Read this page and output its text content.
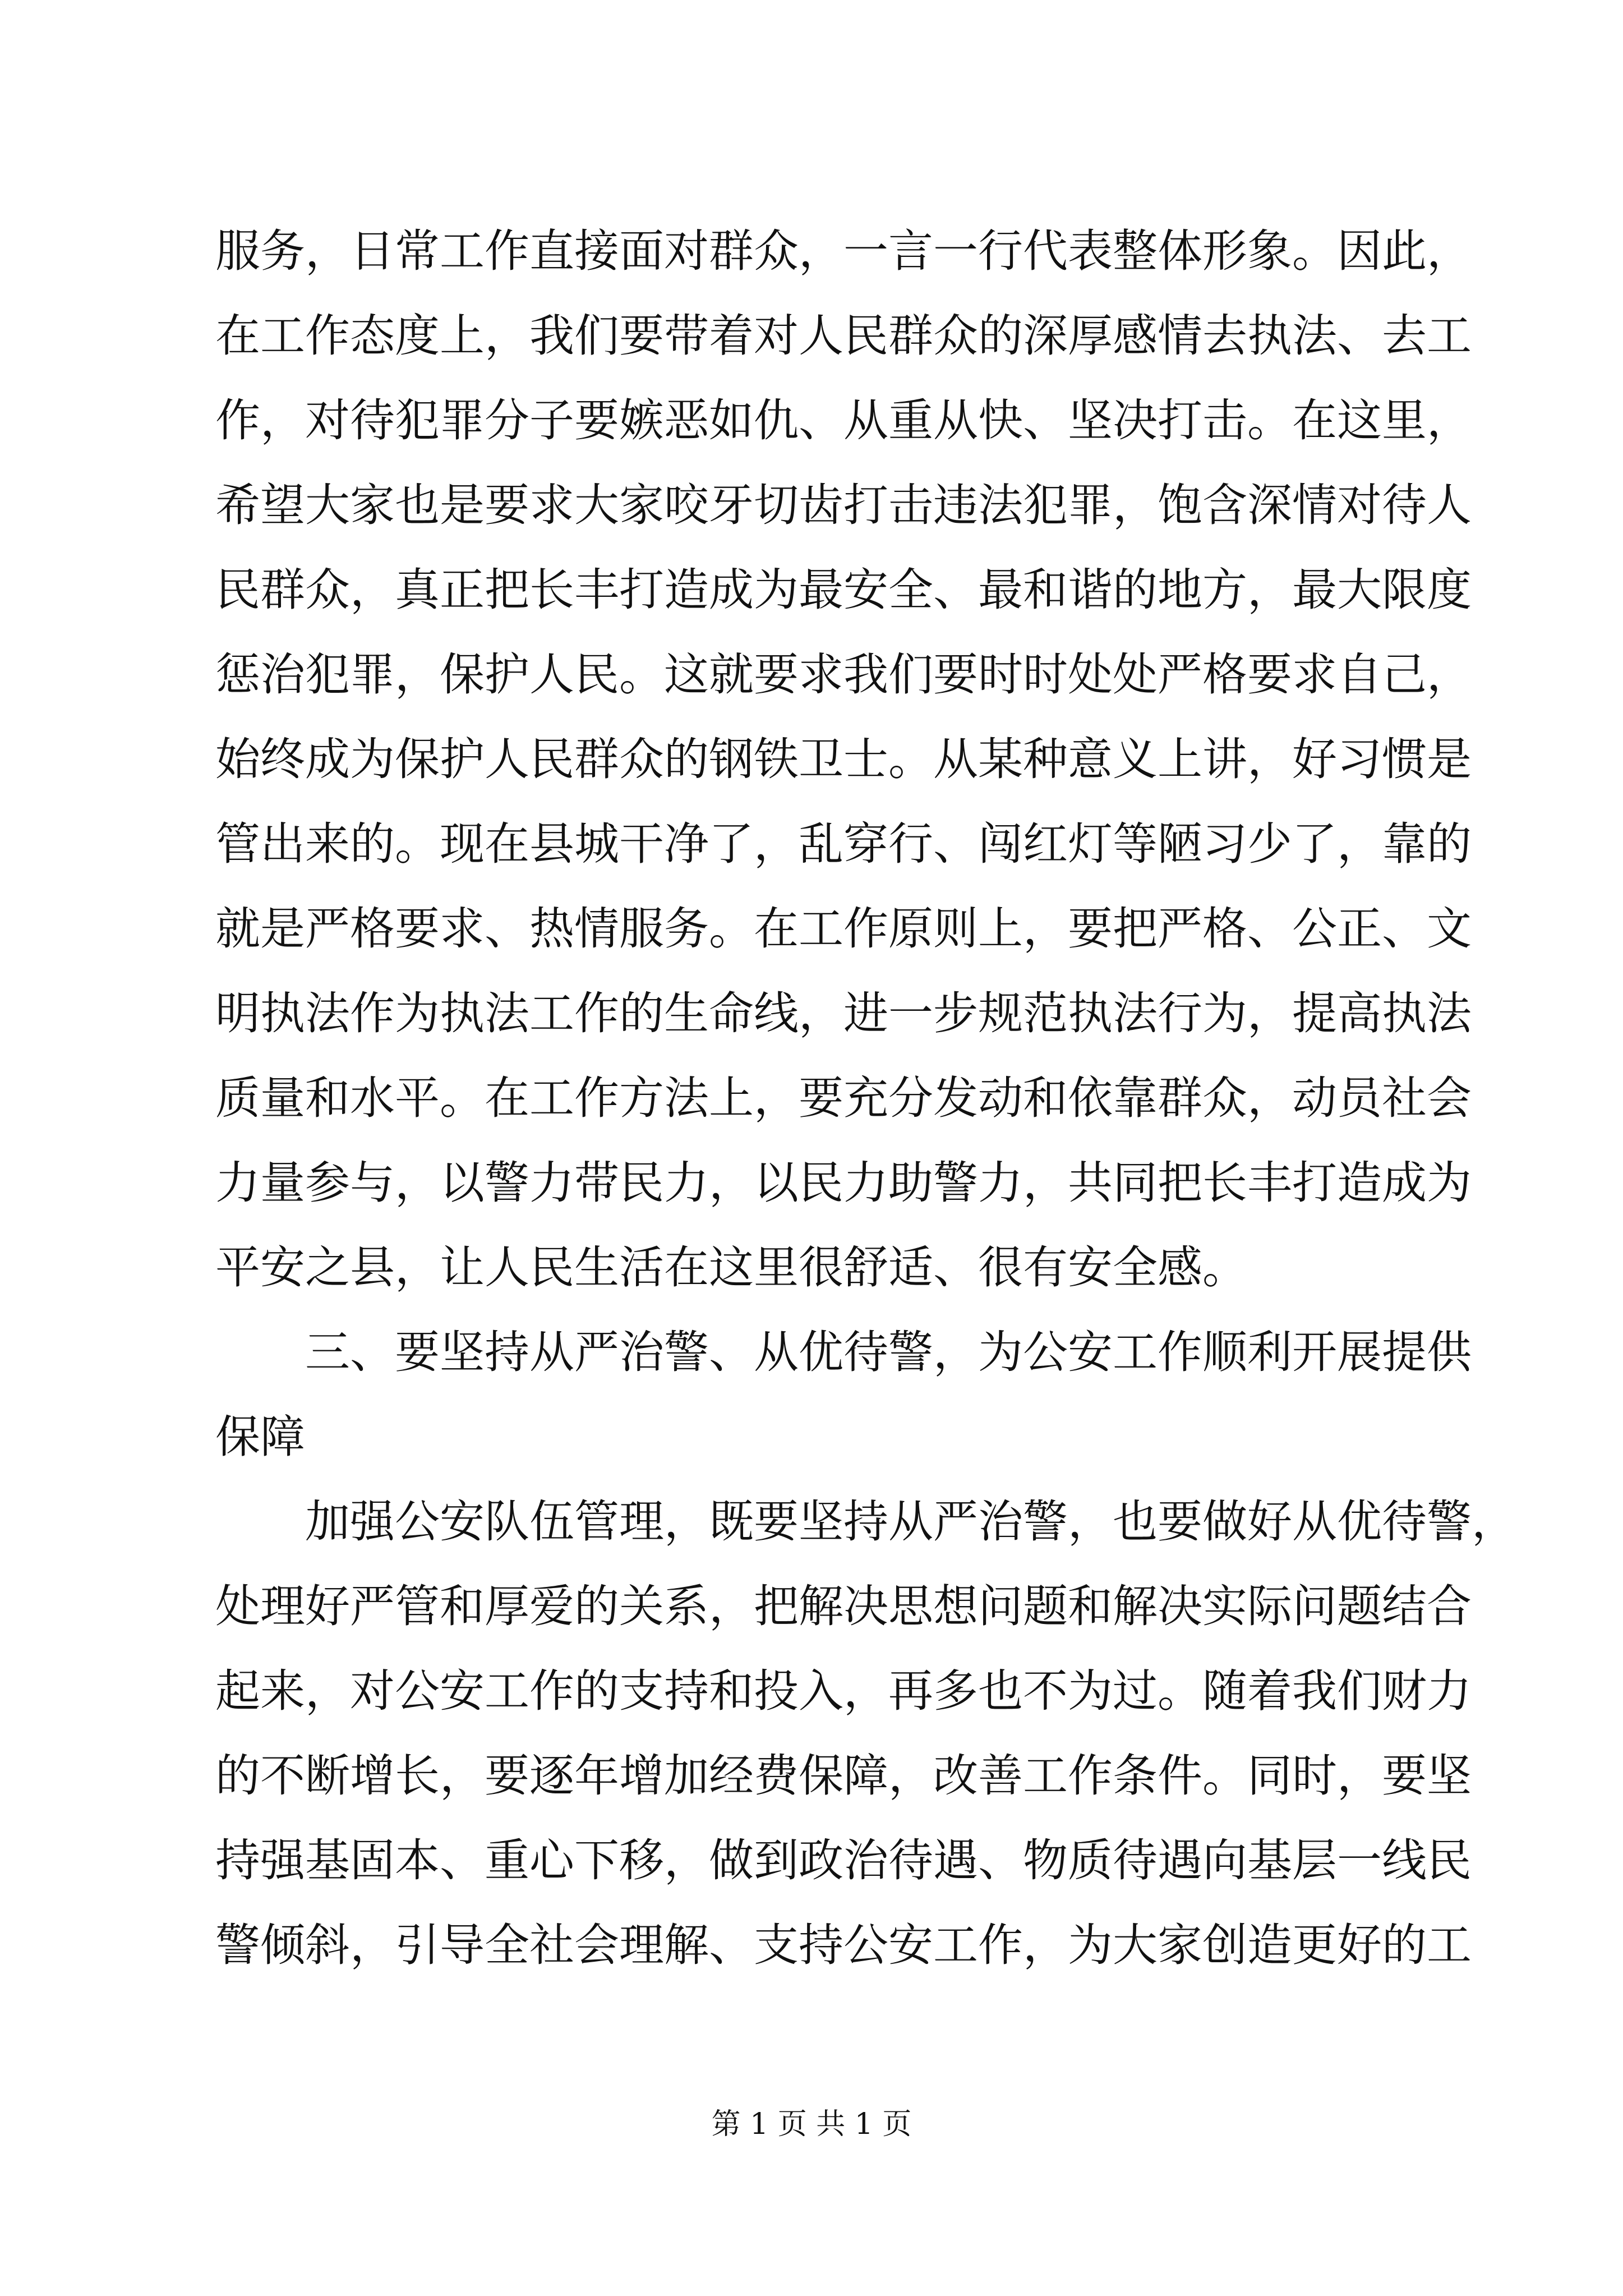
服务，日常工作直接面对群众，一言一行代表整体形象。因此，
在工作态度上，我们要带着对人民群众的深厚感情去执法、去工
作，对待犯罪分子要嫉恶如仇、从重从快、坚决打击。在这里，
希望大家也是要求大家咬牙切齿打击违法犯罪，饱含深情对待人
民群众，真正把长丰打造成为最安全、最和谐的地方，最大限度
惩治犯罪，保护人民。这就要求我们要时时处处严格要求自己，
始终成为保护人民群众的钢铁卫士。从某种意义上讲，好习惯是
管出来的。现在县城干净了，乱穿行、闯红灯等陋习少了，靠的
就是严格要求、热情服务。在工作原则上，要把严格、公正、文
明执法作为执法工作的生命线，进一步规范执法行为，提高执法
质量和水平。在工作方法上，要充分发动和依靠群众，动员社会
力量参与，以警力带民力，以民力助警力，共同把长丰打造成为
平安之县，让人民生活在这里很舒适、很有安全感。
三、要坚持从严治警、从优待警，为公安工作顺利开展提供
保障
加强公安队伍管理，既要坚持从严治警，也要做好从优待警，
处理好严管和厚爱的关系，把解决思想问题和解决实际问题结合
起来，对公安工作的支持和投入，再多也不为过。随着我们财力
的不断增长，要逐年增加经费保障，改善工作条件。同时，要坚
持强基固本、重心下移，做到政治待遇、物质待遇向基层一线民
警倾斜，引导全社会理解、支持公安工作，为大家创造更好的工
第 1 页 共 1 页
